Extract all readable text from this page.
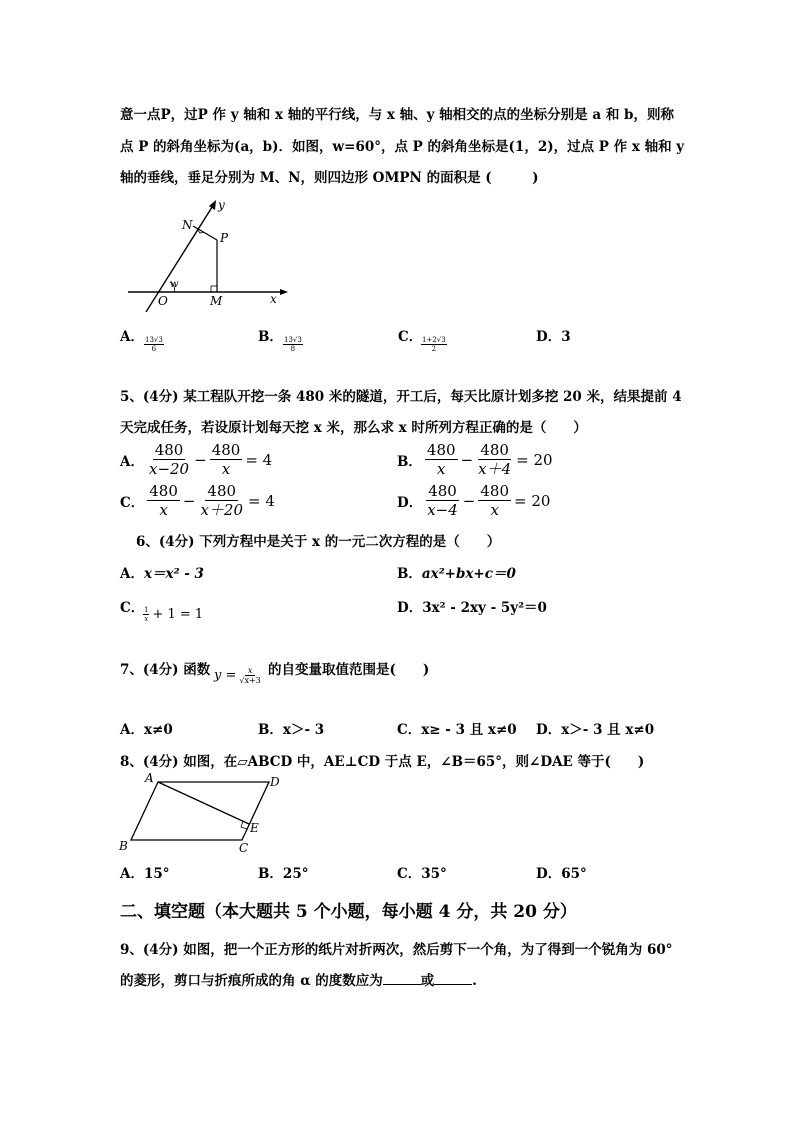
意一点P，过P 作 y 轴和 x 轴的平行线，与 x 轴、y 轴相交的点的坐标分别是 a 和 b，则称
点 P 的斜角坐标为(a，b)．如图，w=60°，点 P 的斜角坐标是(1，2)，过点 P 作 x 轴和 y
轴的垂线，垂足分别为 M、N，则四边形 OMPN 的面积是 (　　　)
N
P
y
w
O	M	x
A． 13√3
6
B． 13√3
8
C． 1+2√3
2
D．3
5、(4分) 某工程队开挖一条 480 米的隧道，开工后，每天比原计划多挖 20 米，结果提前 4
天完成任务，若设原计划每天挖 x 米，那么求 x 时所列方程正确的是（　　）
A． $\frac{480}{x-20} - \frac{480}{x} = 4$	B． $\frac{480}{x} - \frac{480}{x+4} = 20$
C． $\frac{480}{x} - \frac{480}{x+20} = 4$	D． $\frac{480}{x-4} - \frac{480}{x} = 20$
6、(4分) 下列方程中是关于 x 的一元二次方程的是（　　）
A．x＝x² - 3	B．ax²+bx+c＝0
C． 1
x + 1 = 1	D．3x² - 2xy - 5y²＝0
7、(4分) 函数 $y = \frac{x}{√x+3}$ 的自变量取值范围是(　　)
A．x≠0	B．x＞- 3	C．x≥ - 3 且 x≠0 D．x＞- 3 且 x≠0
8、(4分) 如图，在▱ABCD 中，AE⊥CD 于点 E，∠B＝65°，则∠DAE 等于(　　)
A	D
E
B	C
A．15°	B．25°	C．35°	D．65°
二、填空题（本大题共 5 个小题，每小题 4 分，共 20 分）
9、(4分) 如图，把一个正方形的纸片对折两次，然后剪下一个角，为了得到一个锐角为 60°
的菱形，剪口与折痕所成的角 α 的度数应为	或	.
